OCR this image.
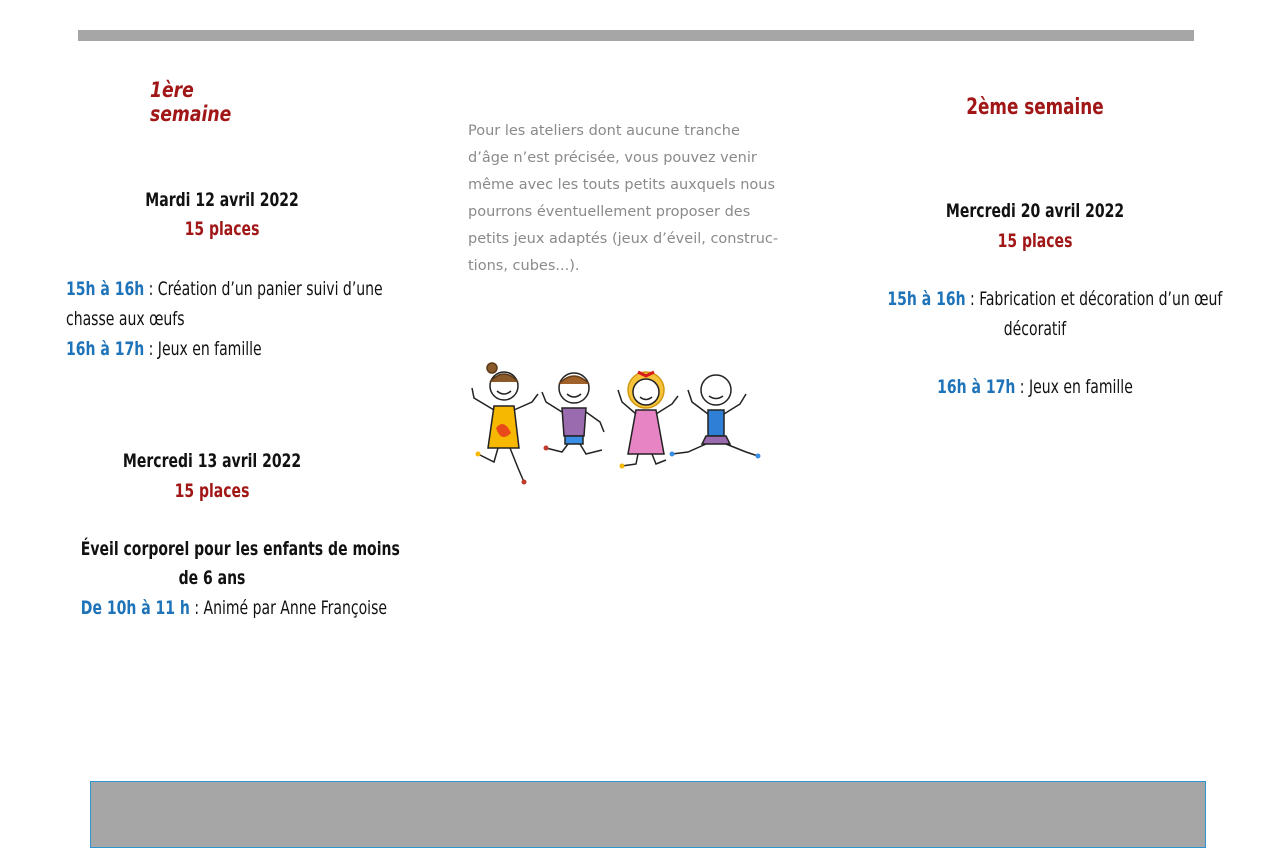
1ère semaine
Mardi 12 avril 2022
15 places
15h à 16h : Création d’un panier suivi d’une
chasse aux œufs
16h à 17h : Jeux en famille
Mercredi 13 avril 2022
15 places
Éveil corporel pour les enfants de moins
de 6 ans
De 10h à 11 h : Animé par Anne Françoise
Pour les ateliers dont aucune tranche
d’âge n’est précisée, vous pouvez venir
même avec les touts petits auxquels nous
pourrons éventuellement proposer des
petits jeux adaptés (jeux d’éveil, construc-
tions, cubes...).
2ème semaine
Mercredi 20 avril 2022
15 places
15h à 16h : Fabrication et décoration d’un œuf
décoratif
16h à 17h : Jeux en famille
